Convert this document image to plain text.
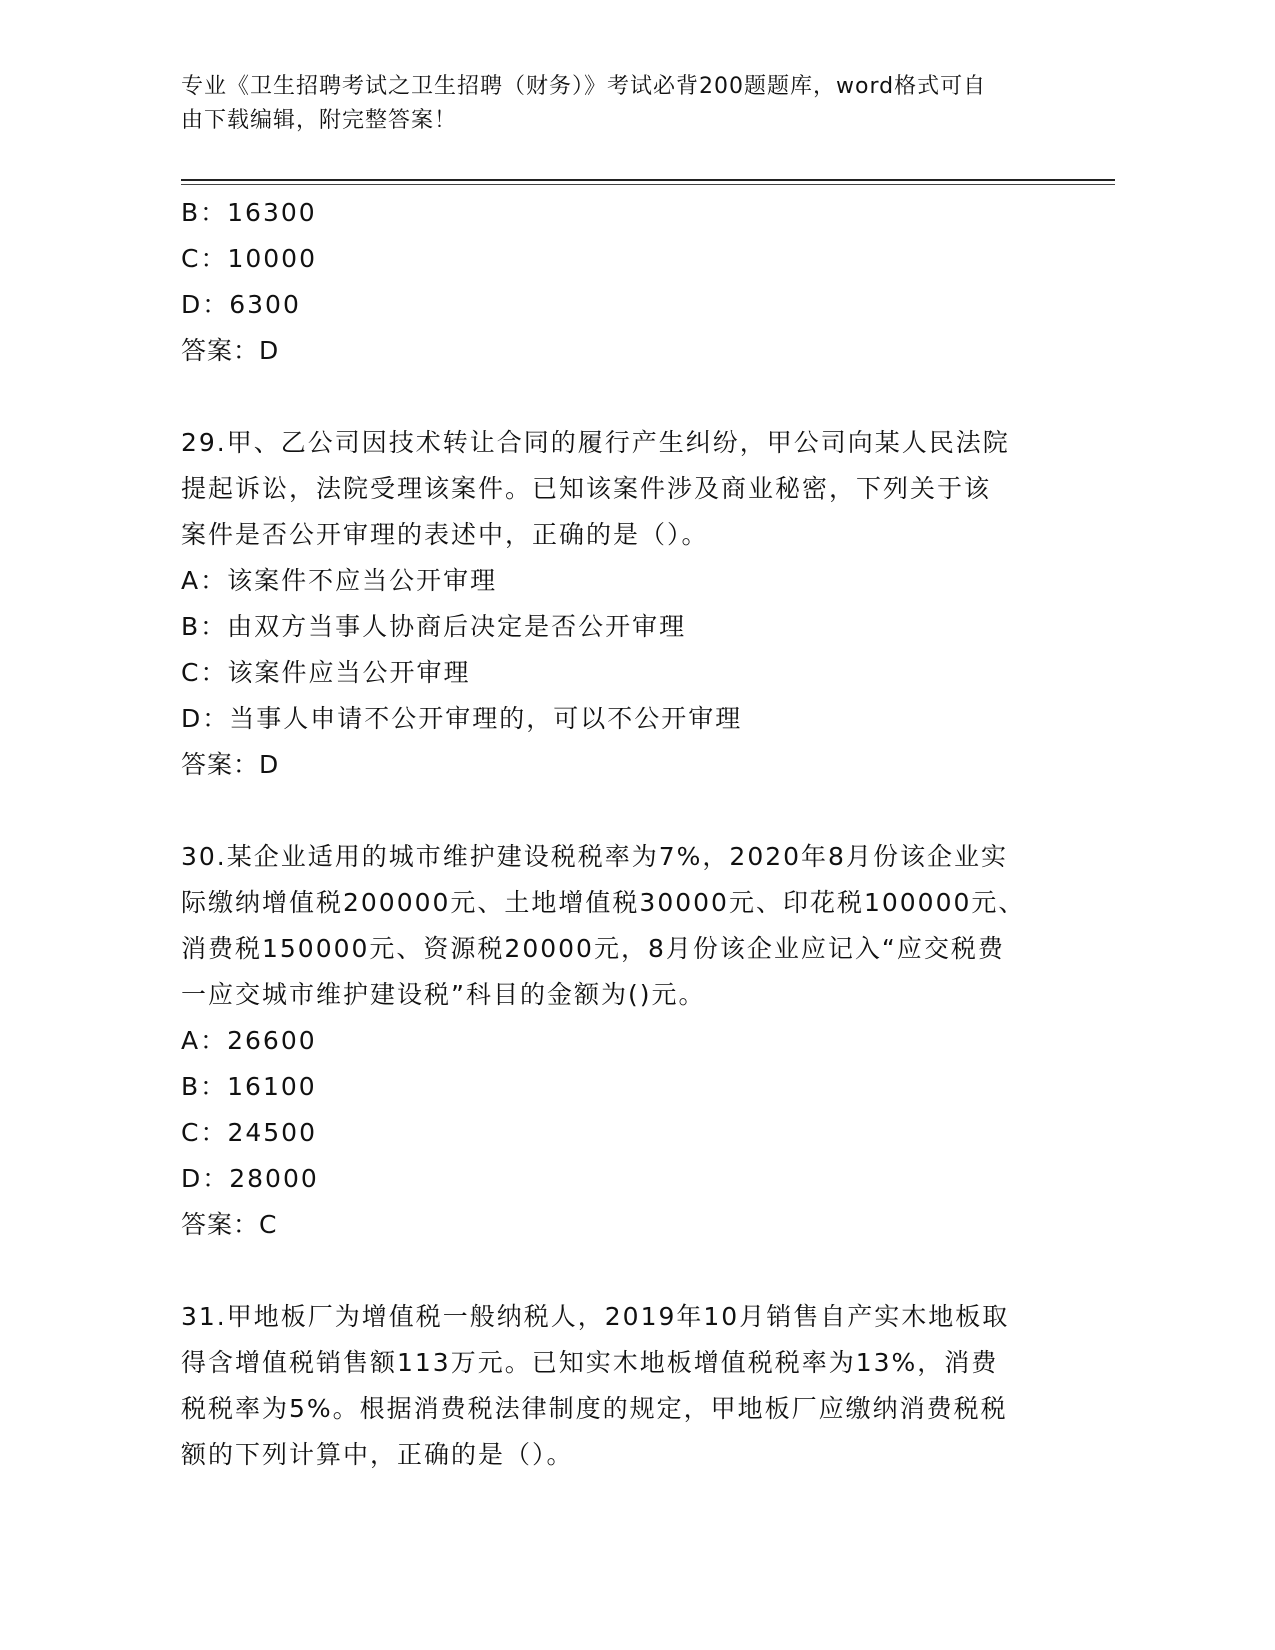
专业《卫生招聘考试之卫生招聘（财务）》考试必背200题题库，word格式可自
由下载编辑，附完整答案！
B：16300
C：10000
D：6300
答案：D
29.甲、乙公司因技术转让合同的履行产生纠纷，甲公司向某人民法院
提起诉讼，法院受理该案件。已知该案件涉及商业秘密，下列关于该
案件是否公开审理的表述中，正确的是（）。
A：该案件不应当公开审理
B：由双方当事人协商后决定是否公开审理
C：该案件应当公开审理
D：当事人申请不公开审理的，可以不公开审理
答案：D
30.某企业适用的城市维护建设税税率为7%，2020年8月份该企业实
际缴纳增值税200000元、土地增值税30000元、印花税100000元、
消费税150000元、资源税20000元，8月份该企业应记入“应交税费
一应交城市维护建设税”科目的金额为()元。
A：26600
B：16100
C：24500
D：28000
答案：C
31.甲地板厂为增值税一般纳税人，2019年10月销售自产实木地板取
得含增值税销售额113万元。已知实木地板增值税税率为13%，消费
税税率为5%。根据消费税法律制度的规定，甲地板厂应缴纳消费税税
额的下列计算中，正确的是（）。
